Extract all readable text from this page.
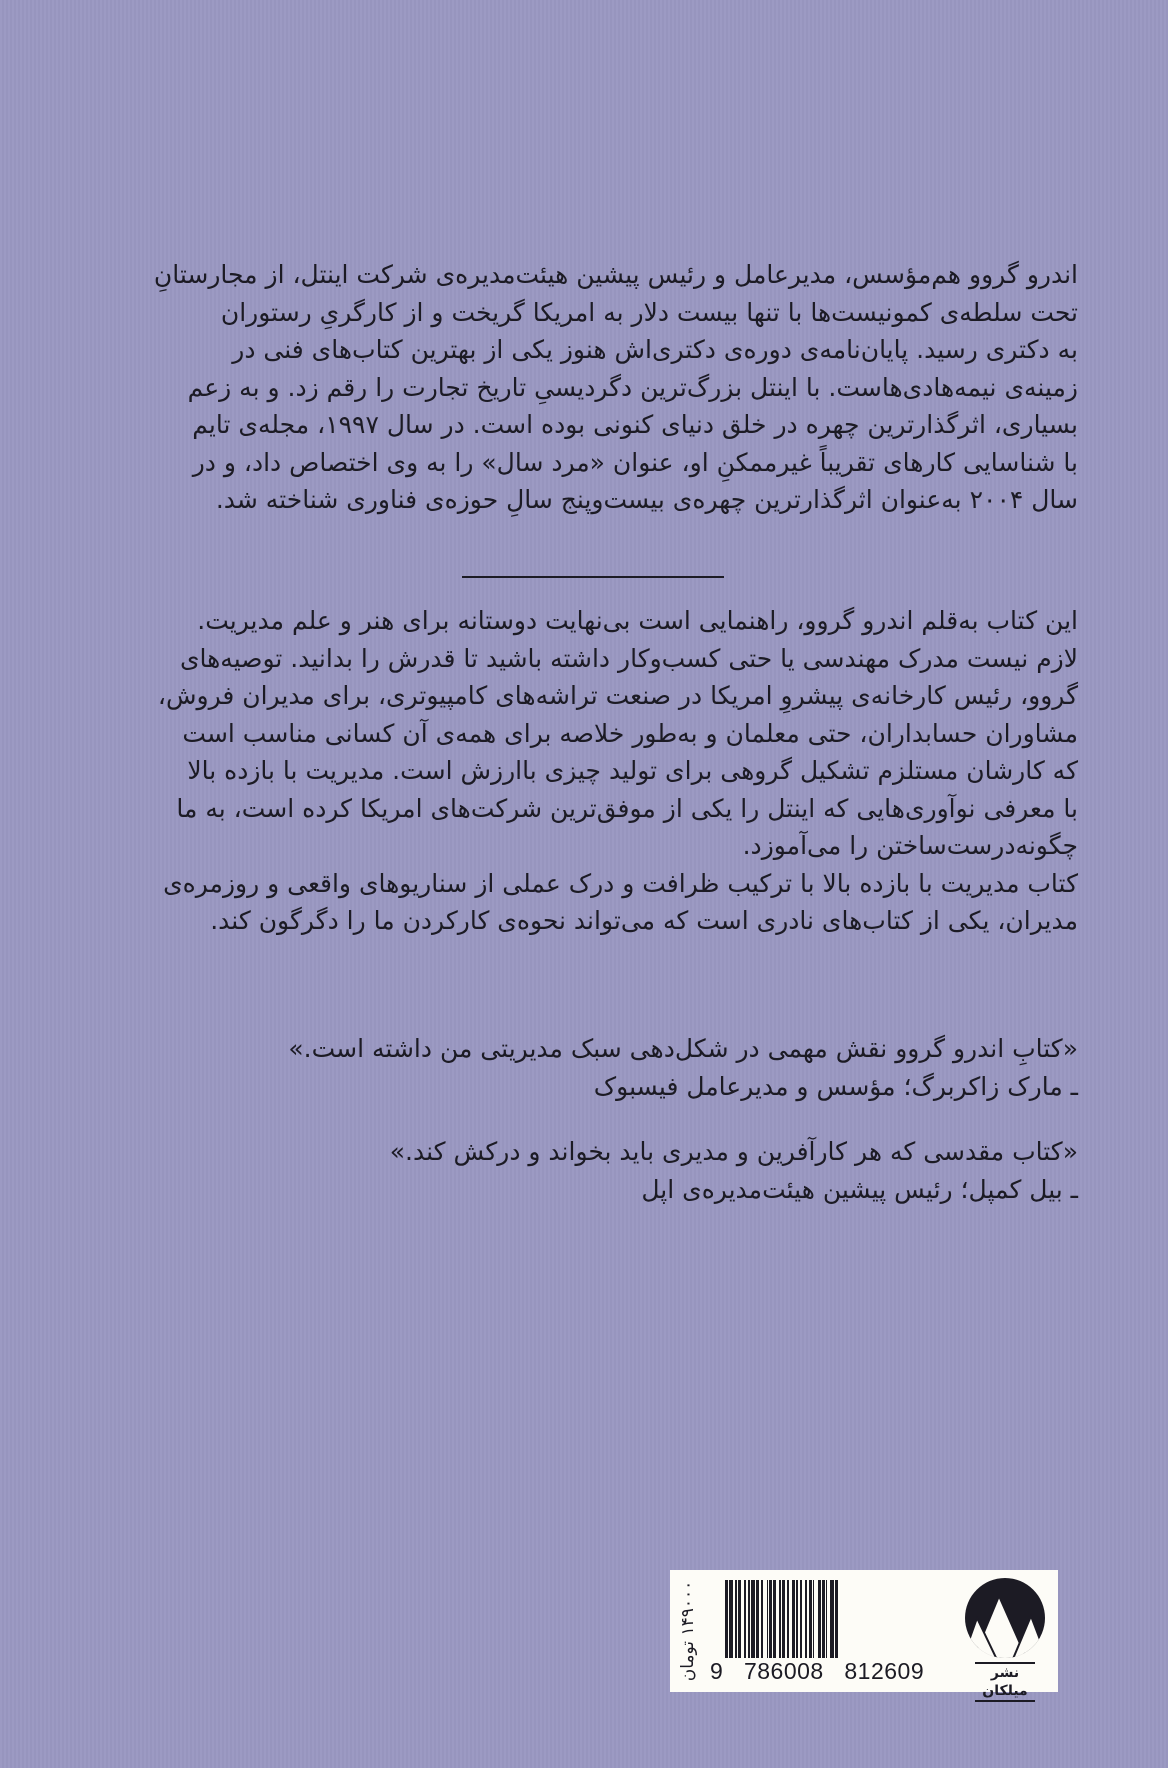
اندرو گروو هم‌مؤسس، مدیرعامل و رئیس پیشین هیئت‌مدیره‌ی شرکت اینتل، از مجارستانِ
تحت سلطه‌ی کمونیست‌ها با تنها بیست دلار به امریکا گریخت و از کارگریِ رستوران
به دکتری رسید. پایان‌نامه‌ی دوره‌ی دکتری‌اش هنوز یکی از بهترین کتاب‌های فنی در
زمینه‌ی نیمه‌هادی‌هاست. با اینتل بزرگ‌ترین دگردیسیِ تاریخ تجارت را رقم زد. و به زعم
بسیاری، اثرگذارترین چهره در خلق دنیای کنونی بوده است. در سال ۱۹۹۷، مجله‌ی تایم
با شناسایی کارهای تقریباً غیرممکنِ او، عنوان «مرد سال» را به وی اختصاص داد، و در
سال ۲۰۰۴ به‌عنوان اثرگذارترین چهره‌ی بیست‌وپنج سالِ حوزه‌ی فناوری شناخته شد.
این کتاب به‌قلم اندرو گروو، راهنمایی است بی‌نهایت دوستانه برای هنر و علم مدیریت.
لازم نیست مدرک مهندسی یا حتی کسب‌وکار داشته باشید تا قدرش را بدانید. توصیه‌های
گروو، رئیس کارخانه‌ی پیشروِ امریکا در صنعت تراشه‌های کامپیوتری، برای مدیران فروش،
مشاوران حسابداران، حتی معلمان و به‌طور خلاصه برای همه‌ی آن کسانی مناسب است
که کارشان مستلزم تشکیل گروهی برای تولید چیزی باارزش است. مدیریت با بازده بالا
با معرفی نوآوری‌هایی که اینتل را یکی از موفق‌ترین شرکت‌های امریکا کرده است، به ما
چگونه‌درست‌ساختن را می‌آموزد.
کتاب مدیریت با بازده بالا با ترکیب ظرافت و درک عملی از سناریوهای واقعی و روزمره‌ی
مدیران، یکی از کتاب‌های نادری است که می‌تواند نحوه‌ی کارکردن ما را دگرگون کند.
«کتابِ اندرو گروو نقش مهمی در شکل‌دهی سبک مدیریتی من داشته است.»
ـ مارک زاکربرگ؛ مؤسس و مدیرعامل فیسبوک
«کتاب مقدسی که هر کارآفرین و مدیری باید بخواند و درکش کند.»
ـ بیل کمپل؛ رئیس پیشین هیئت‌مدیره‌ی اپل
۱۴۹۰۰۰ تومان
9   786008   812609	نشر میلکان
